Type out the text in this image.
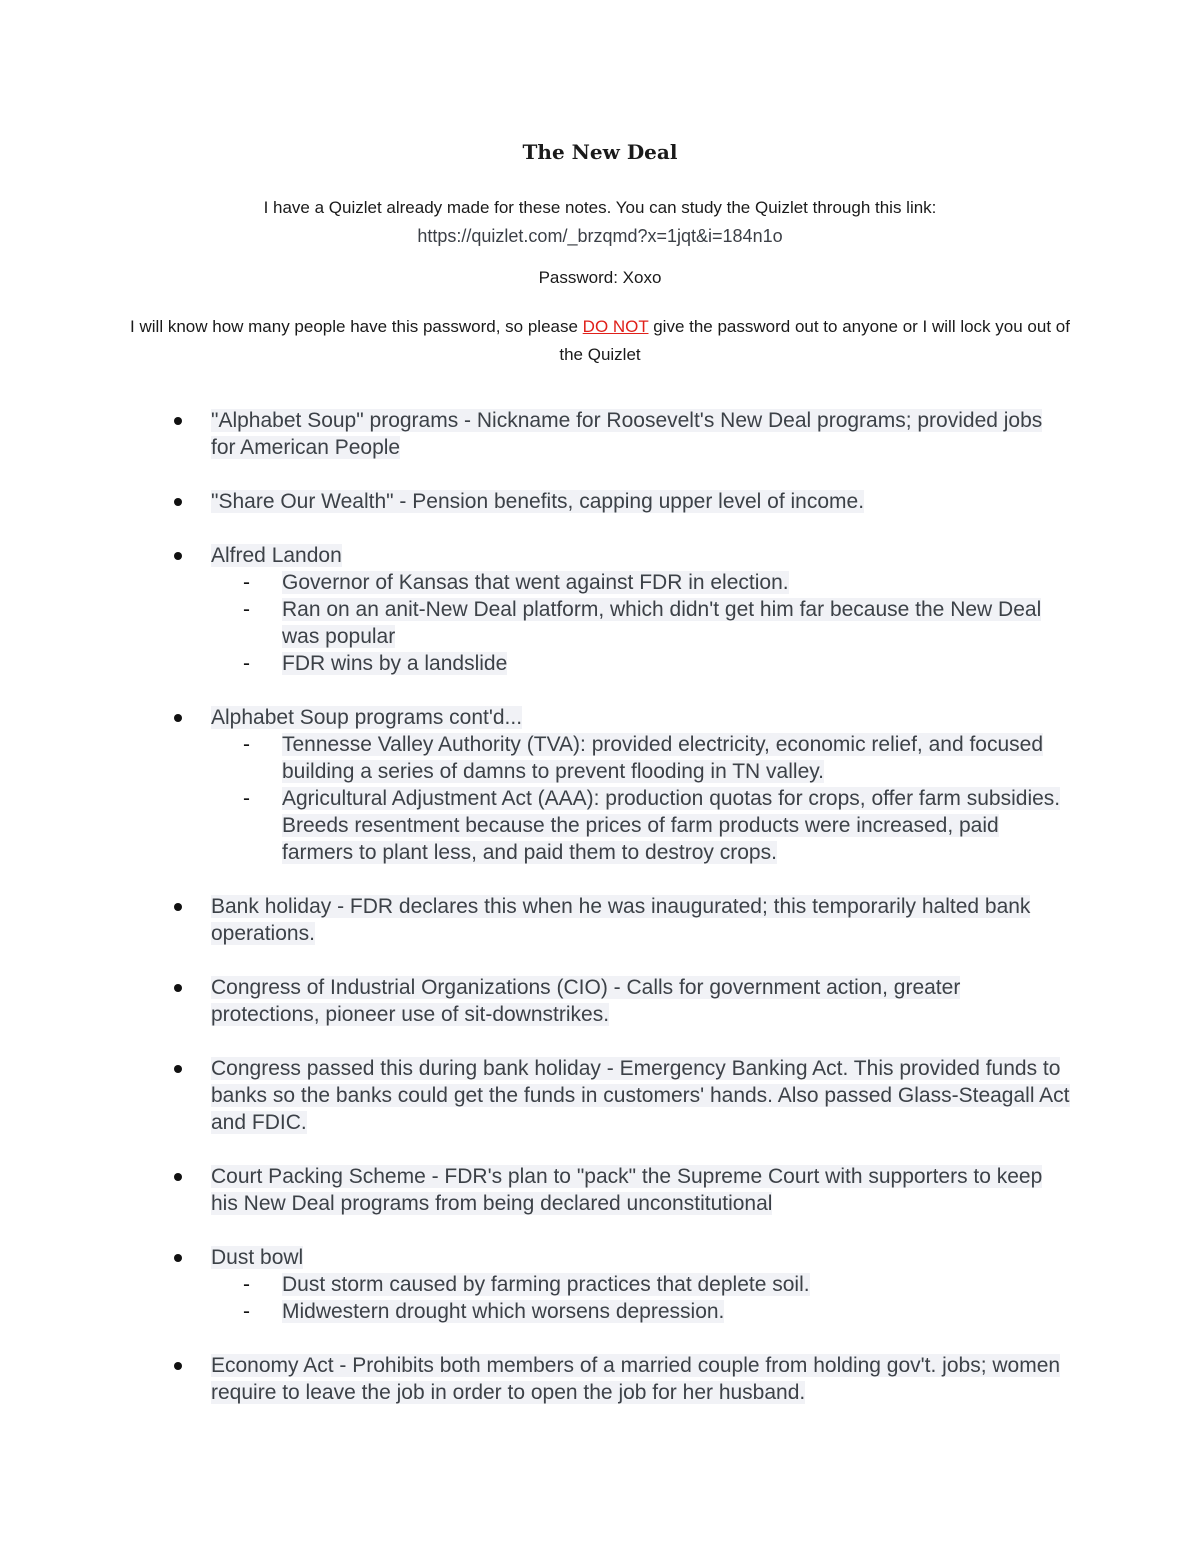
The New Deal
I have a Quizlet already made for these notes. You can study the Quizlet through this link:
https://quizlet.com/_brzqmd?x=1jqt&i=184n1o
Password: Xoxo
I will know how many people have this password, so please DO NOT give the password out to anyone or I will lock you out of the Quizlet
"Alphabet Soup" programs - Nickname for Roosevelt's New Deal programs; provided jobs for American People
"Share Our Wealth" - Pension benefits, capping upper level of income.
Alfred Landon
- Governor of Kansas that went against FDR in election.
- Ran on an anit-New Deal platform, which didn't get him far because the New Deal was popular
- FDR wins by a landslide
Alphabet Soup programs cont'd...
- Tennesse Valley Authority (TVA): provided electricity, economic relief, and focused building a series of damns to prevent flooding in TN valley.
- Agricultural Adjustment Act (AAA): production quotas for crops, offer farm subsidies. Breeds resentment because the prices of farm products were increased, paid farmers to plant less, and paid them to destroy crops.
Bank holiday - FDR declares this when he was inaugurated; this temporarily halted bank operations.
Congress of Industrial Organizations (CIO) - Calls for government action, greater protections, pioneer use of sit-downstrikes.
Congress passed this during bank holiday - Emergency Banking Act. This provided funds to banks so the banks could get the funds in customers' hands. Also passed Glass-Steagall Act and FDIC.
Court Packing Scheme - FDR's plan to "pack" the Supreme Court with supporters to keep his New Deal programs from being declared unconstitutional
Dust bowl
- Dust storm caused by farming practices that deplete soil.
- Midwestern drought which worsens depression.
Economy Act - Prohibits both members of a married couple from holding gov't. jobs; women require to leave the job in order to open the job for her husband.
